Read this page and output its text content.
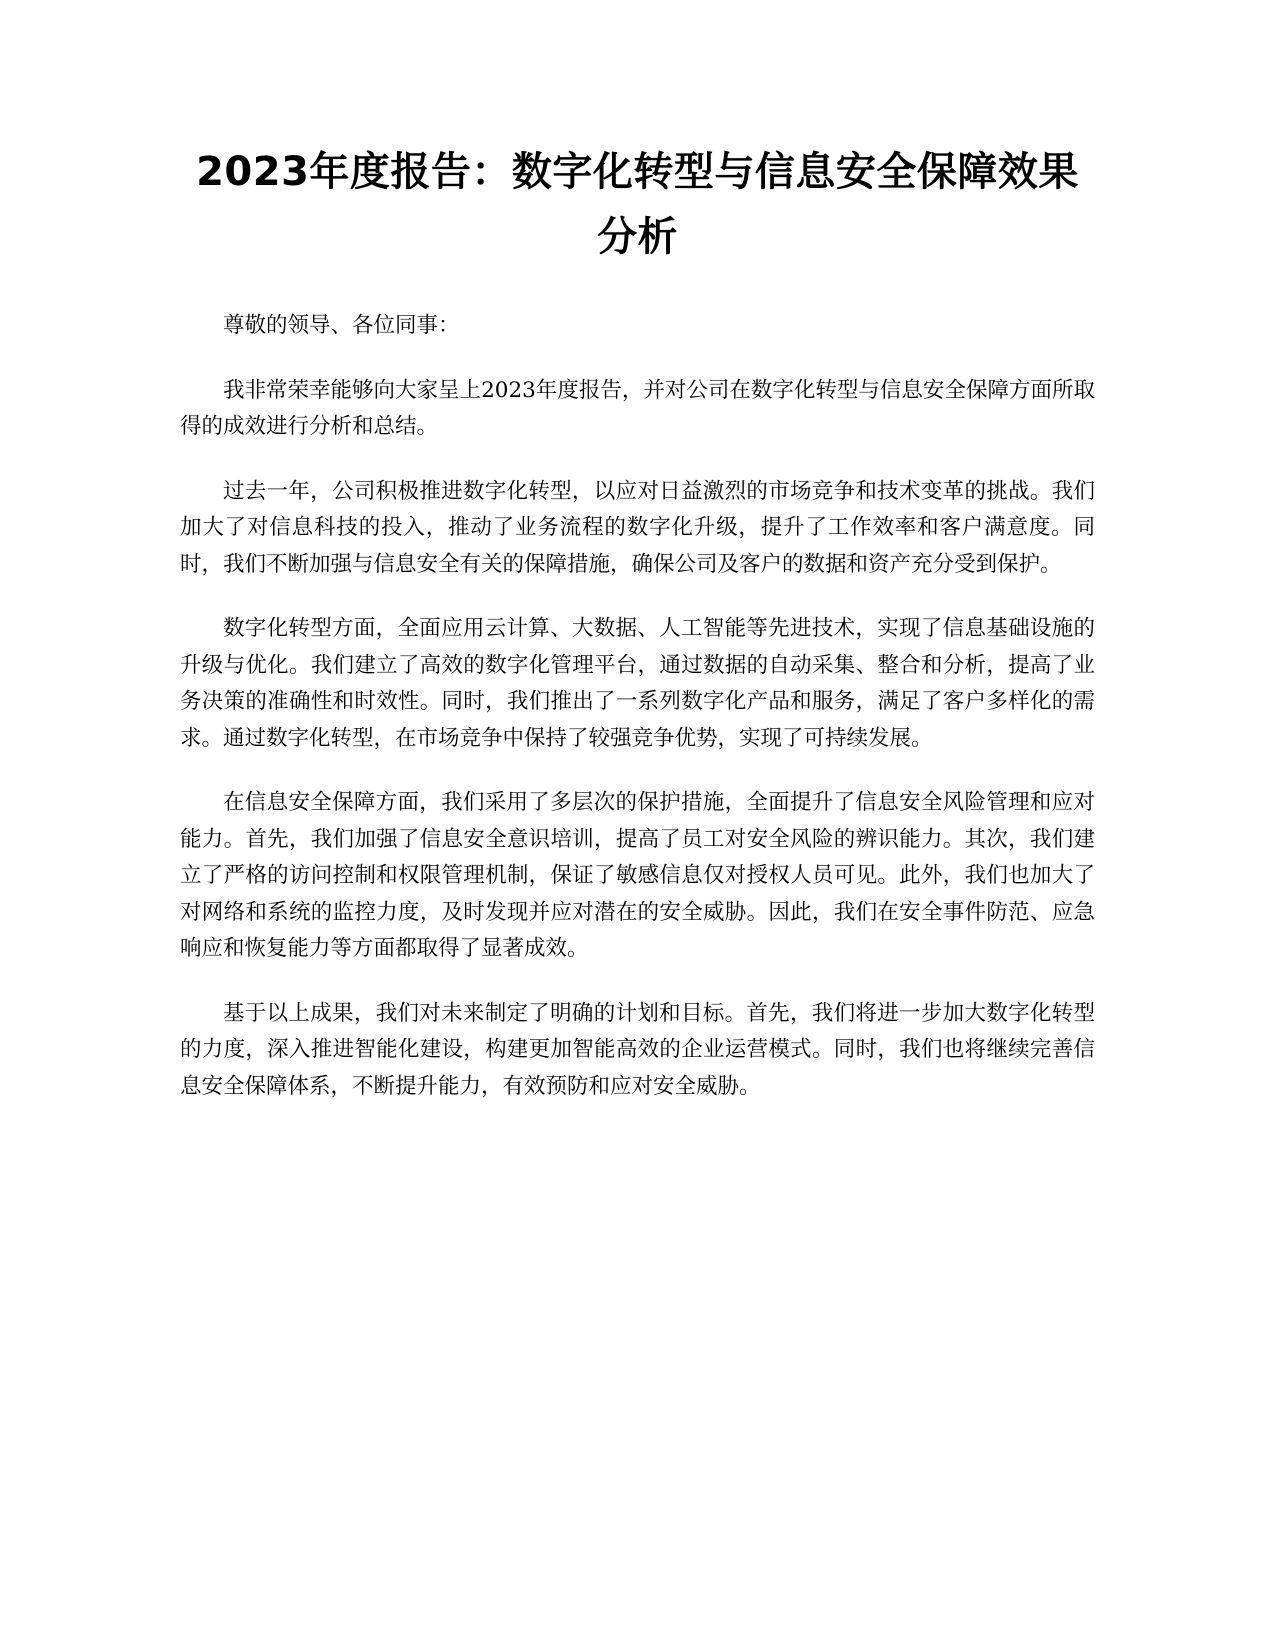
2023年度报告：数字化转型与信息安全保障效果分析

尊敬的领导、各位同事：

我非常荣幸能够向大家呈上2023年度报告，并对公司在数字化转型与信息安全保障方面所取得的成效进行分析和总结。

过去一年，公司积极推进数字化转型，以应对日益激烈的市场竞争和技术变革的挑战。我们加大了对信息科技的投入，推动了业务流程的数字化升级，提升了工作效率和客户满意度。同时，我们不断加强与信息安全有关的保障措施，确保公司及客户的数据和资产充分受到保护。

数字化转型方面，全面应用云计算、大数据、人工智能等先进技术，实现了信息基础设施的升级与优化。我们建立了高效的数字化管理平台，通过数据的自动采集、整合和分析，提高了业务决策的准确性和时效性。同时，我们推出了一系列数字化产品和服务，满足了客户多样化的需求。通过数字化转型，在市场竞争中保持了较强竞争优势，实现了可持续发展。

在信息安全保障方面，我们采用了多层次的保护措施，全面提升了信息安全风险管理和应对能力。首先，我们加强了信息安全意识培训，提高了员工对安全风险的辨识能力。其次，我们建立了严格的访问控制和权限管理机制，保证了敏感信息仅对授权人员可见。此外，我们也加大了对网络和系统的监控力度，及时发现并应对潜在的安全威胁。因此，我们在安全事件防范、应急响应和恢复能力等方面都取得了显著成效。

基于以上成果，我们对未来制定了明确的计划和目标。首先，我们将进一步加大数字化转型的力度，深入推进智能化建设，构建更加智能高效的企业运营模式。同时，我们也将继续完善信息安全保障体系，不断提升能力，有效预防和应对安全威胁。
